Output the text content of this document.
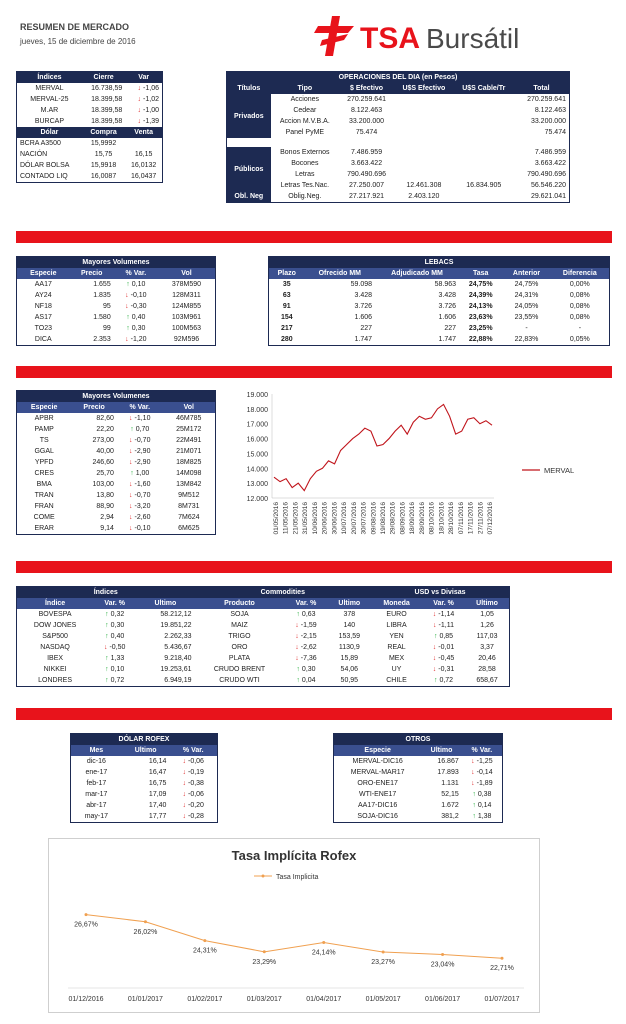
RESUMEN DE MERCADO
jueves, 15 de diciembre de 2016	TSA Bursátil
Índices	Cierre	Var
MERVAL	16.738,59	↓ -1,06
MERVAL-25	18.399,58	↓ -1,02
M.AR	18.399,58	↓ -1,00
BURCAP	18.399,58	↓ -1,39
Dólar	Compra	Venta
BCRA A3500	15,9992	
NACIÓN	15,75	16,15
DÓLAR BOLSA	15,9918	16,0132
CONTADO LIQ	16,0087	16,0437
OPERACIONES DEL DIA (en Pesos)					
Títulos	Tipo	$ Efectivo	U$S Efectivo	U$S Cable/Tr	Total
Privados	Acciones	270.259.641			270.259.641
	Cedear	8.122.463			8.122.463
	Accion M.V.B.A.	33.200.000			33.200.000
	Panel PyME	75.474			75.474

Públicos	Bonos Externos	7.486.959			7.486.959
	Bocones	3.663.422			3.663.422
	Letras	790.490.696			790.490.696
	Letras Tes.Nac.	27.250.007	12.461.308	16.834.905	56.546.220
Obl. Neg	Oblig.Neg.	27.217.921	2.403.120		29.621.041
Mayores Volumenes			
Especie	Precio	% Var.	Vol
AA17	1.655	↑ 0,10	378M590
AY24	1.835	↓ -0,10	128M311
NF18	95	↓ -0,30	124M855
AS17	1.580	↑ 0,40	103M961
TO23	99	↑ 0,30	100M563
DICA	2.353	↓ -1,20	92M596
LEBACS					
Plazo	Ofrecido MM	Adjudicado MM	Tasa	Anterior	Diferencia
35	59.098	58.963	24,75%	24,75%	0,00%
63	3.428	3.428	24,39%	24,31%	0,08%
91	3.726	3.726	24,13%	24,05%	0,08%
154	1.606	1.606	23,63%	23,55%	0,08%
217	227	227	23,25%	-	-
280	1.747	1.747	22,88%	22,83%	0,05%
Mayores Volumenes			
Especie	Precio	% Var.	Vol
APBR	82,60	↓ -1,10	46M785
PAMP	22,20	↑ 0,70	25M172
TS	273,00	↓ -0,70	22M491
GGAL	40,00	↓ -2,90	21M071
YPFD	246,60	↓ -2,90	18M825
CRES	25,70	↑ 1,00	14M098
BMA	103,00	↓ -1,60	13M842
TRAN	13,80	↓ -0,70	9M512
FRAN	88,90	↓ -3,20	8M731
COME	2,94	↓ -2,60	7M624
ERAR	9,14	↓ -0,10	6M625
12.000
13.000
14.000
15.000
16.000
17.000
18.000
19.000
01/05/2016 11/05/2016 21/05/2016 31/05/2016 10/06/2016 20/06/2016 30/06/2016 10/07/2016 20/07/2016 30/07/2016 09/08/2016 19/08/2016 29/08/2016 08/09/2016 18/09/2016 28/09/2016 08/10/2016 18/10/2016 28/10/2016 07/11/2016 17/11/2016 27/11/2016 07/12/2016
MERVAL
Índices			Commodities			USD vs Divisas		
Índice	Var. %	Ultimo	Producto	Var. %	Ultimo	Moneda	Var. %	Ultimo
BOVESPA	↑ 0,32	58.212,12	SOJA	↑ 0,63	378	EURO	↓ -1,14	1,05
DOW JONES	↑ 0,30	19.851,22	MAIZ	↓ -1,59	140	LIBRA	↓ -1,11	1,26
S&P500	↑ 0,40	2.262,33	TRIGO	↓ -2,15	153,59	YEN	↑ 0,85	117,03
NASDAQ	↓ -0,50	5.436,67	ORO	↓ -2,62	1130,9	REAL	↓ -0,01	3,37
IBEX	↑ 1,33	9.218,40	PLATA	↓ -7,36	15,89	MEX	↓ -0,45	20,46
NIKKEI	↑ 0,10	19.253,61	CRUDO BRENT	↑ 0,30	54,06	UY	↓ -0,31	28,58
LONDRES	↑ 0,72	6.949,19	CRUDO WTI	↑ 0,04	50,95	CHILE	↑ 0,72	658,67
DÓLAR ROFEX		
Mes	Ultimo	% Var.
dic-16	16,14	↓ -0,06
ene-17	16,47	↓ -0,19
feb-17	16,75	↓ -0,38
mar-17	17,09	↓ -0,06
abr-17	17,40	↓ -0,20
may-17	17,77	↓ -0,28
OTROS		
Especie	Ultimo	% Var.
MERVAL-DIC16	16.867	↓ -1,25
MERVAL-MAR17	17.893	↓ -0,14
ORO-ENE17	1.131	↓ -1,89
WTI-ENE17	52,15	↑ 0,38
AA17-DIC16	1.672	↑ 0,14
SOJA-DIC16	381,2	↑ 1,38
Tasa Implícita Rofex
Tasa Implicita
26,67%
01/12/2016
26,02%
01/01/2017
24,31%
01/02/2017
23,29%
01/03/2017
24,14%
01/04/2017
23,27%
01/05/2017
23,04%
01/06/2017
22,71%
01/07/2017
